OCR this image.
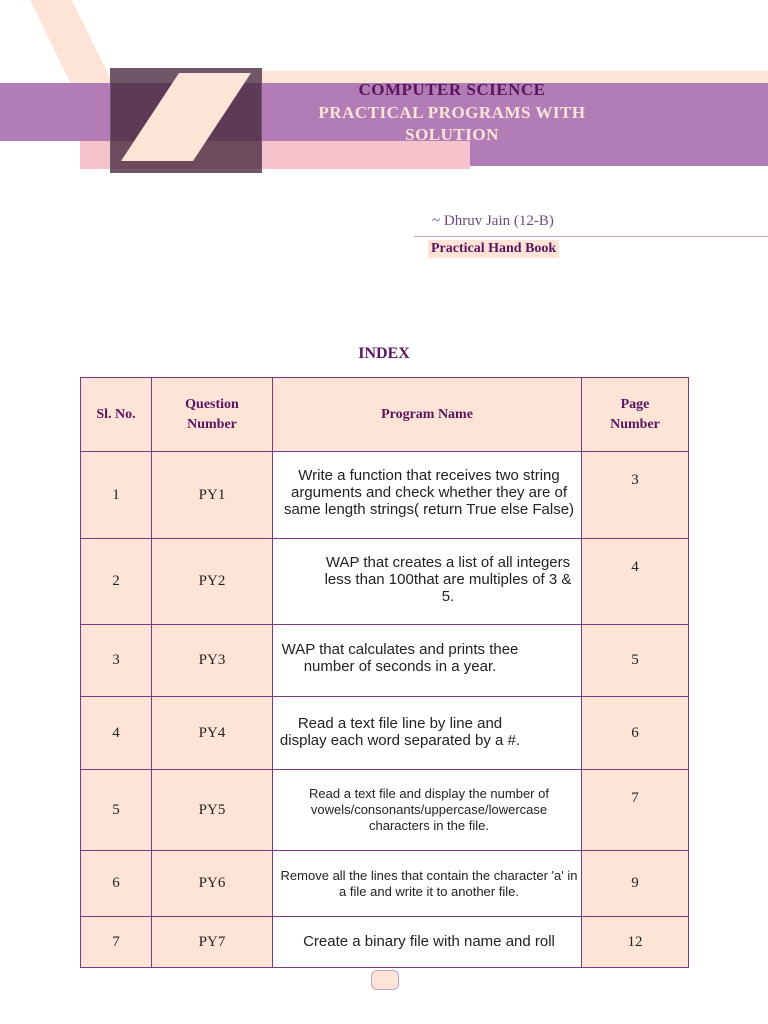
COMPUTER SCIENCE
PRACTICAL PROGRAMS WITH
SOLUTION
~ Dhruv Jain (12-B)
Practical Hand Book
INDEX
Sl. No.	Question Number	Program Name	Page Number

1	PY1	Write a function that receives two string arguments and check whether they are of same length strings( return True else False)	3
2	PY2	WAP that creates a list of all integers less than 100that are multiples of 3 & 5.	4
3	PY3	WAP that calculates and prints thee number of seconds in a year.	5
4	PY4	Read a text file line by line and display each word separated by a #.	6
5	PY5	Read a text file and display the number of vowels/consonants/uppercase/lowercase characters in the file.	7
6	PY6	Remove all the lines that contain the character 'a' in a file and write it to another file.	9
7	PY7	Create a binary file with name and roll	12
